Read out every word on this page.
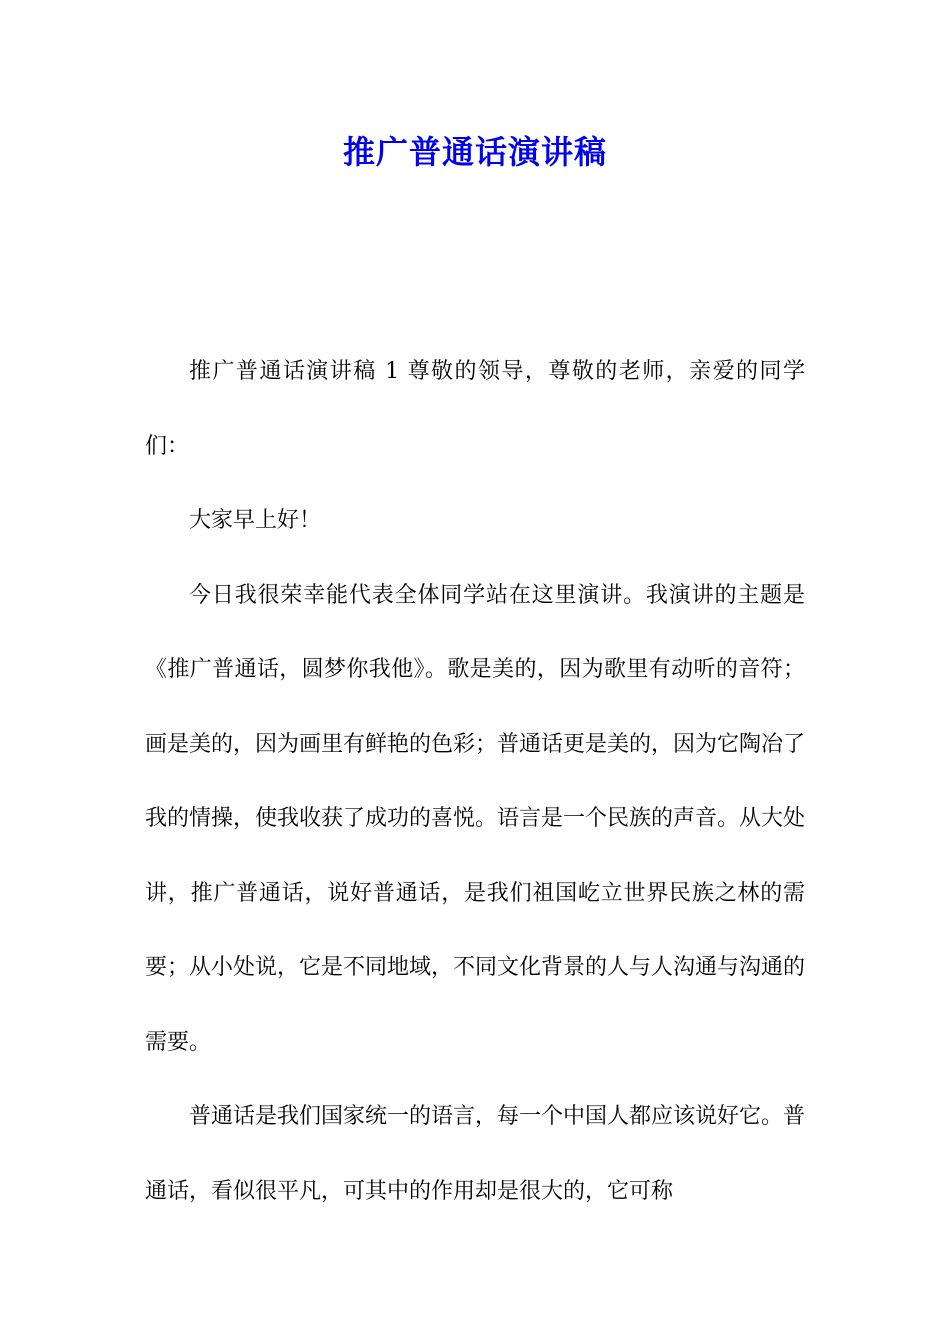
推广普通话演讲稿

推广普通话演讲稿 1 尊敬的领导，尊敬的老师，亲爱的同学们：

大家早上好！

今日我很荣幸能代表全体同学站在这里演讲。我演讲的主题是《推广普通话，圆梦你我他》。歌是美的，因为歌里有动听的音符；画是美的，因为画里有鲜艳的色彩；普通话更是美的，因为它陶冶了我的情操，使我收获了成功的喜悦。语言是一个民族的声音。从大处讲，推广普通话，说好普通话，是我们祖国屹立世界民族之林的需要；从小处说，它是不同地域，不同文化背景的人与人沟通与沟通的需要。

普通话是我们国家统一的语言，每一个中国人都应该说好它。普通话，看似很平凡，可其中的作用却是很大的，它可称
